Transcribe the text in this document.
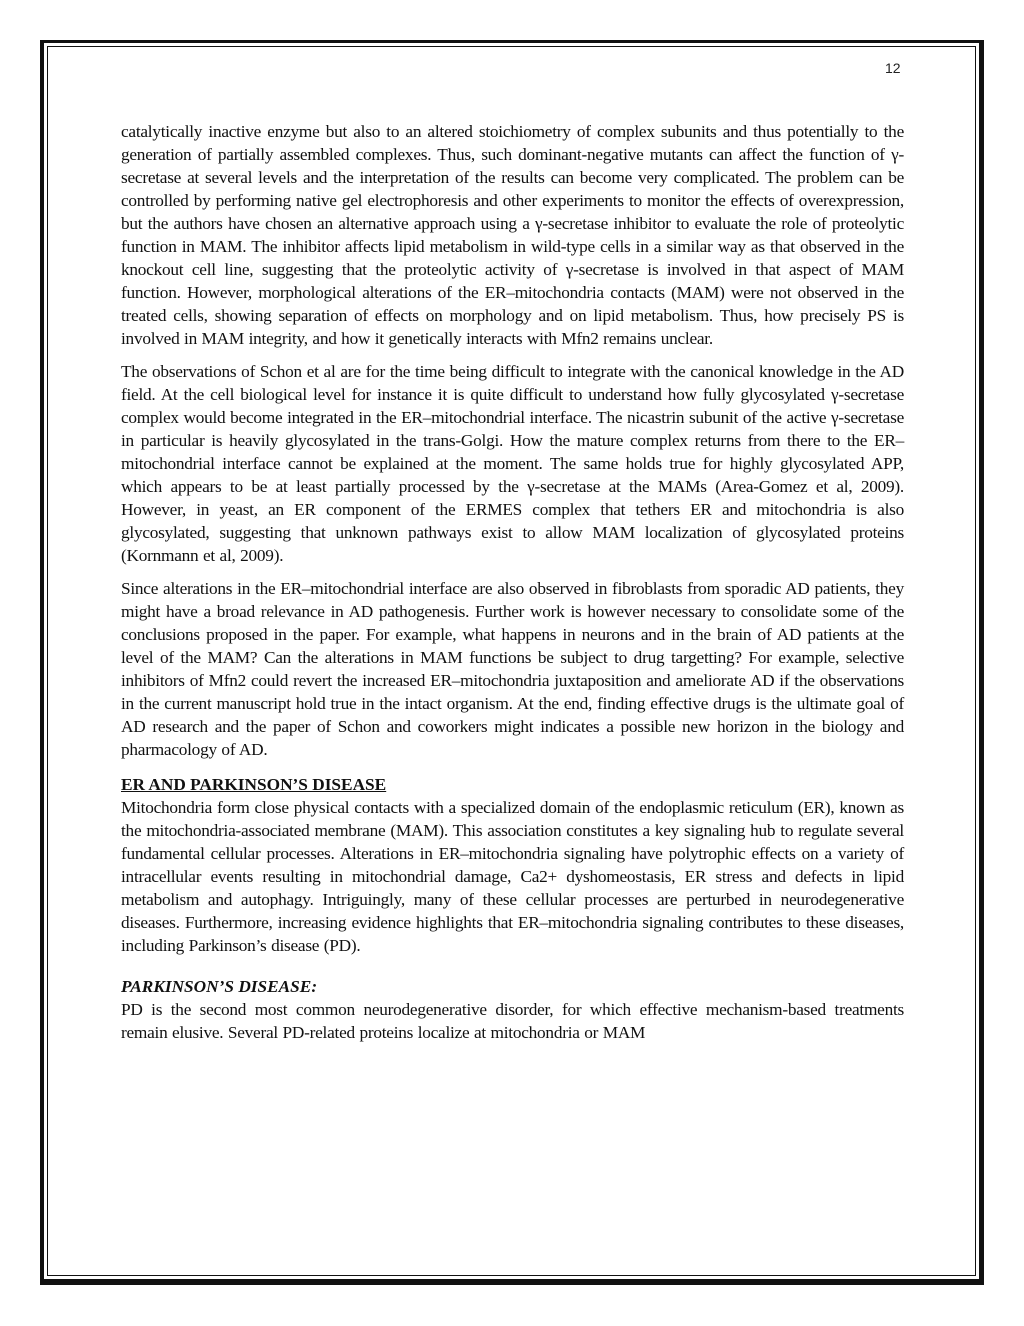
12

catalytically inactive enzyme but also to an altered stoichiometry of complex subunits and thus potentially to the generation of partially assembled complexes. Thus, such dominant-negative mutants can affect the function of γ-secretase at several levels and the interpretation of the results can become very complicated. The problem can be controlled by performing native gel electrophoresis and other experiments to monitor the effects of overexpression, but the authors have chosen an alternative approach using a γ-secretase inhibitor to evaluate the role of proteolytic function in MAM. The inhibitor affects lipid metabolism in wild-type cells in a similar way as that observed in the knockout cell line, suggesting that the proteolytic activity of γ-secretase is involved in that aspect of MAM function. However, morphological alterations of the ER–mitochondria contacts (MAM) were not observed in the treated cells, showing separation of effects on morphology and on lipid metabolism. Thus, how precisely PS is involved in MAM integrity, and how it genetically interacts with Mfn2 remains unclear.

The observations of Schon et al are for the time being difficult to integrate with the canonical knowledge in the AD field. At the cell biological level for instance it is quite difficult to understand how fully glycosylated γ-secretase complex would become integrated in the ER–mitochondrial interface. The nicastrin subunit of the active γ-secretase in particular is heavily glycosylated in the trans-Golgi. How the mature complex returns from there to the ER–mitochondrial interface cannot be explained at the moment. The same holds true for highly glycosylated APP, which appears to be at least partially processed by the γ-secretase at the MAMs (Area-Gomez et al, 2009). However, in yeast, an ER component of the ERMES complex that tethers ER and mitochondria is also glycosylated, suggesting that unknown pathways exist to allow MAM localization of glycosylated proteins (Kornmann et al, 2009).

Since alterations in the ER–mitochondrial interface are also observed in fibroblasts from sporadic AD patients, they might have a broad relevance in AD pathogenesis. Further work is however necessary to consolidate some of the conclusions proposed in the paper. For example, what happens in neurons and in the brain of AD patients at the level of the MAM? Can the alterations in MAM functions be subject to drug targetting? For example, selective inhibitors of Mfn2 could revert the increased ER–mitochondria juxtaposition and ameliorate AD if the observations in the current manuscript hold true in the intact organism. At the end, finding effective drugs is the ultimate goal of AD research and the paper of Schon and coworkers might indicates a possible new horizon in the biology and pharmacology of AD.

ER AND PARKINSON’S DISEASE

Mitochondria form close physical contacts with a specialized domain of the endoplasmic reticulum (ER), known as the mitochondria-associated membrane (MAM). This association constitutes a key signaling hub to regulate several fundamental cellular processes. Alterations in ER–mitochondria signaling have polytrophic effects on a variety of intracellular events resulting in mitochondrial damage, Ca2+ dyshomeostasis, ER stress and defects in lipid metabolism and autophagy. Intriguingly, many of these cellular processes are perturbed in neurodegenerative diseases. Furthermore, increasing evidence highlights that ER–mitochondria signaling contributes to these diseases, including Parkinson’s disease (PD).

PARKINSON’S DISEASE:

PD is the second most common neurodegenerative disorder, for which effective mechanism-based treatments remain elusive. Several PD-related proteins localize at mitochondria or MAM
